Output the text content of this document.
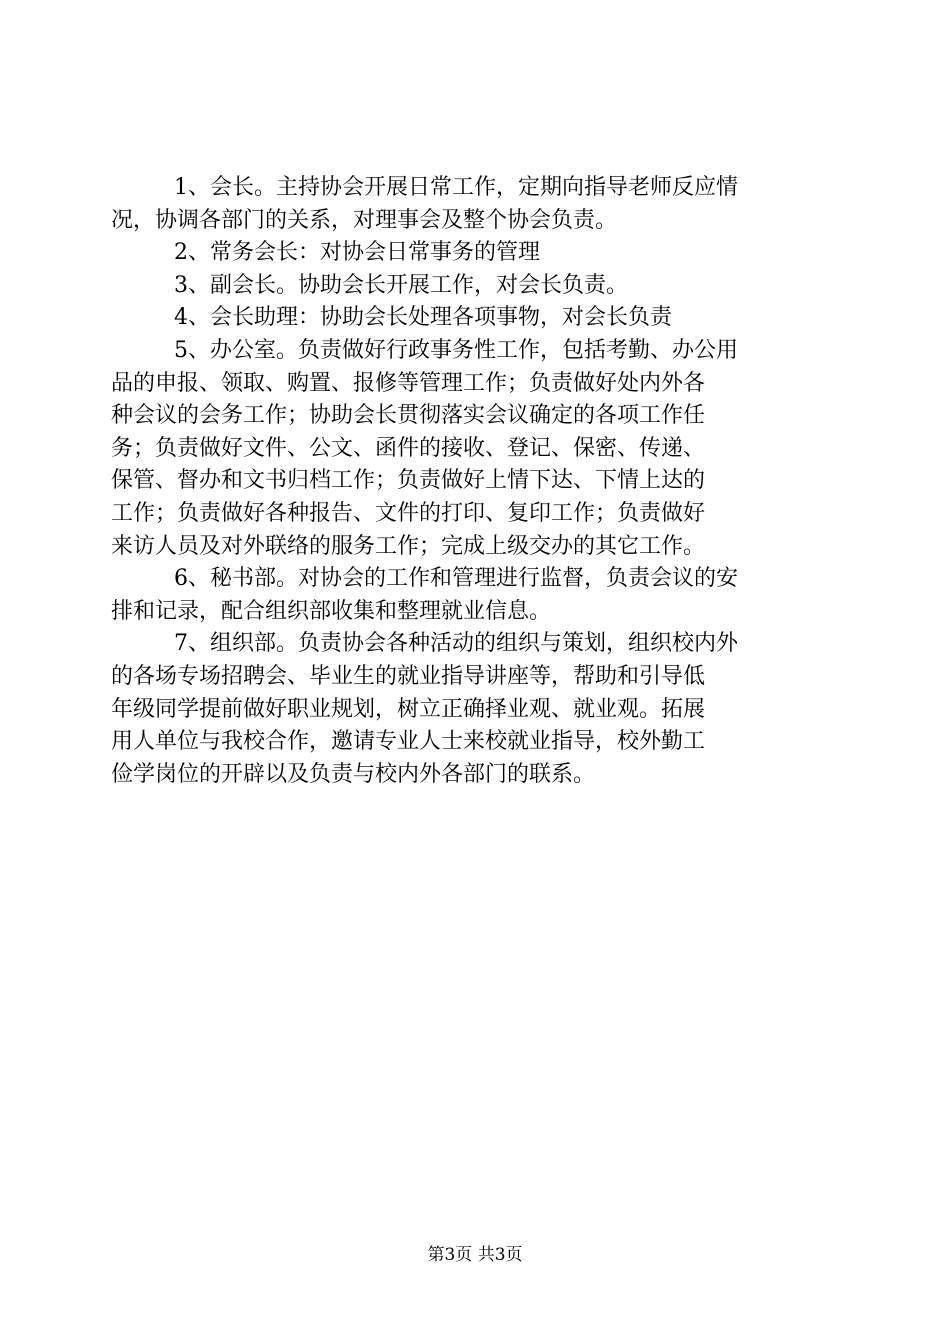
1、会长。主持协会开展日常工作，定期向指导老师反应情
况，协调各部门的关系，对理事会及整个协会负责。
2、常务会长：对协会日常事务的管理
3、副会长。协助会长开展工作，对会长负责。
4、会长助理：协助会长处理各项事物，对会长负责
5、办公室。负责做好行政事务性工作，包括考勤、办公用
品的申报、领取、购置、报修等管理工作；负责做好处内外各
种会议的会务工作；协助会长贯彻落实会议确定的各项工作任
务；负责做好文件、公文、函件的接收、登记、保密、传递、
保管、督办和文书归档工作；负责做好上情下达、下情上达的
工作；负责做好各种报告、文件的打印、复印工作；负责做好
来访人员及对外联络的服务工作；完成上级交办的其它工作。
6、秘书部。对协会的工作和管理进行监督，负责会议的安
排和记录，配合组织部收集和整理就业信息。
7、组织部。负责协会各种活动的组织与策划，组织校内外
的各场专场招聘会、毕业生的就业指导讲座等，帮助和引导低
年级同学提前做好职业规划，树立正确择业观、就业观。拓展
用人单位与我校合作，邀请专业人士来校就业指导，校外勤工
俭学岗位的开辟以及负责与校内外各部门的联系。
第3页 共3页
